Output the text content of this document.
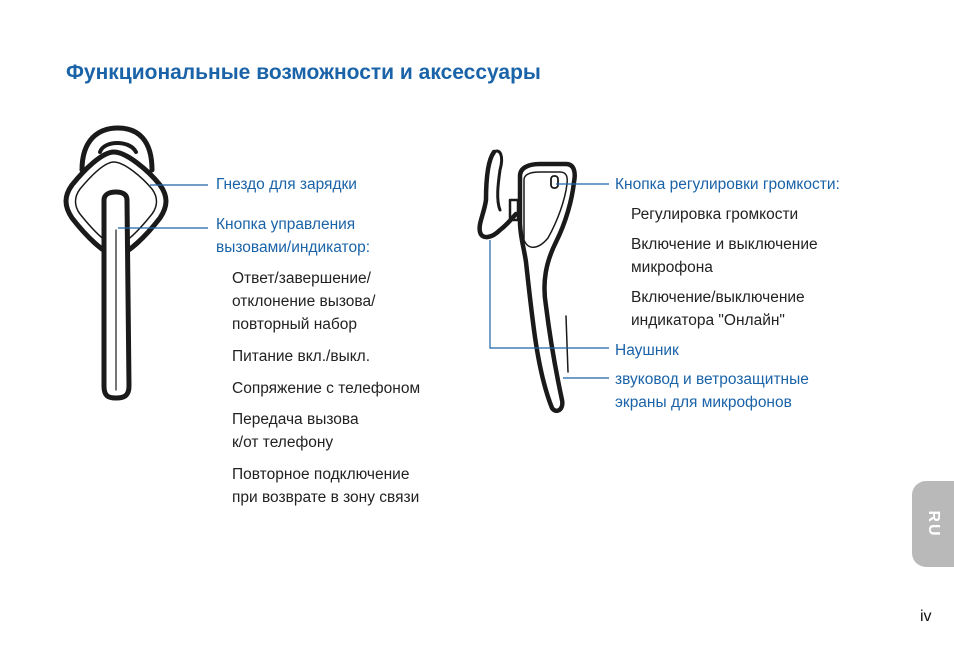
Функциональные возможности и аксессуары
Гнездо для зарядки
Кнопка управления
вызовами/индикатор:
Ответ/завершение/
отклонение вызова/
повторный набор
Питание вкл./выкл.
Сопряжение с телефоном
Передача вызова
к/от телефону
Повторное подключение
при возврате в зону связи
Кнопка регулировки громкости:
Регулировка громкости
Включение и выключение
микрофона
Включение/выключение
индикатора "Онлайн"
Наушник
звуковод и ветрозащитные
экраны для микрофонов
RU
iv
